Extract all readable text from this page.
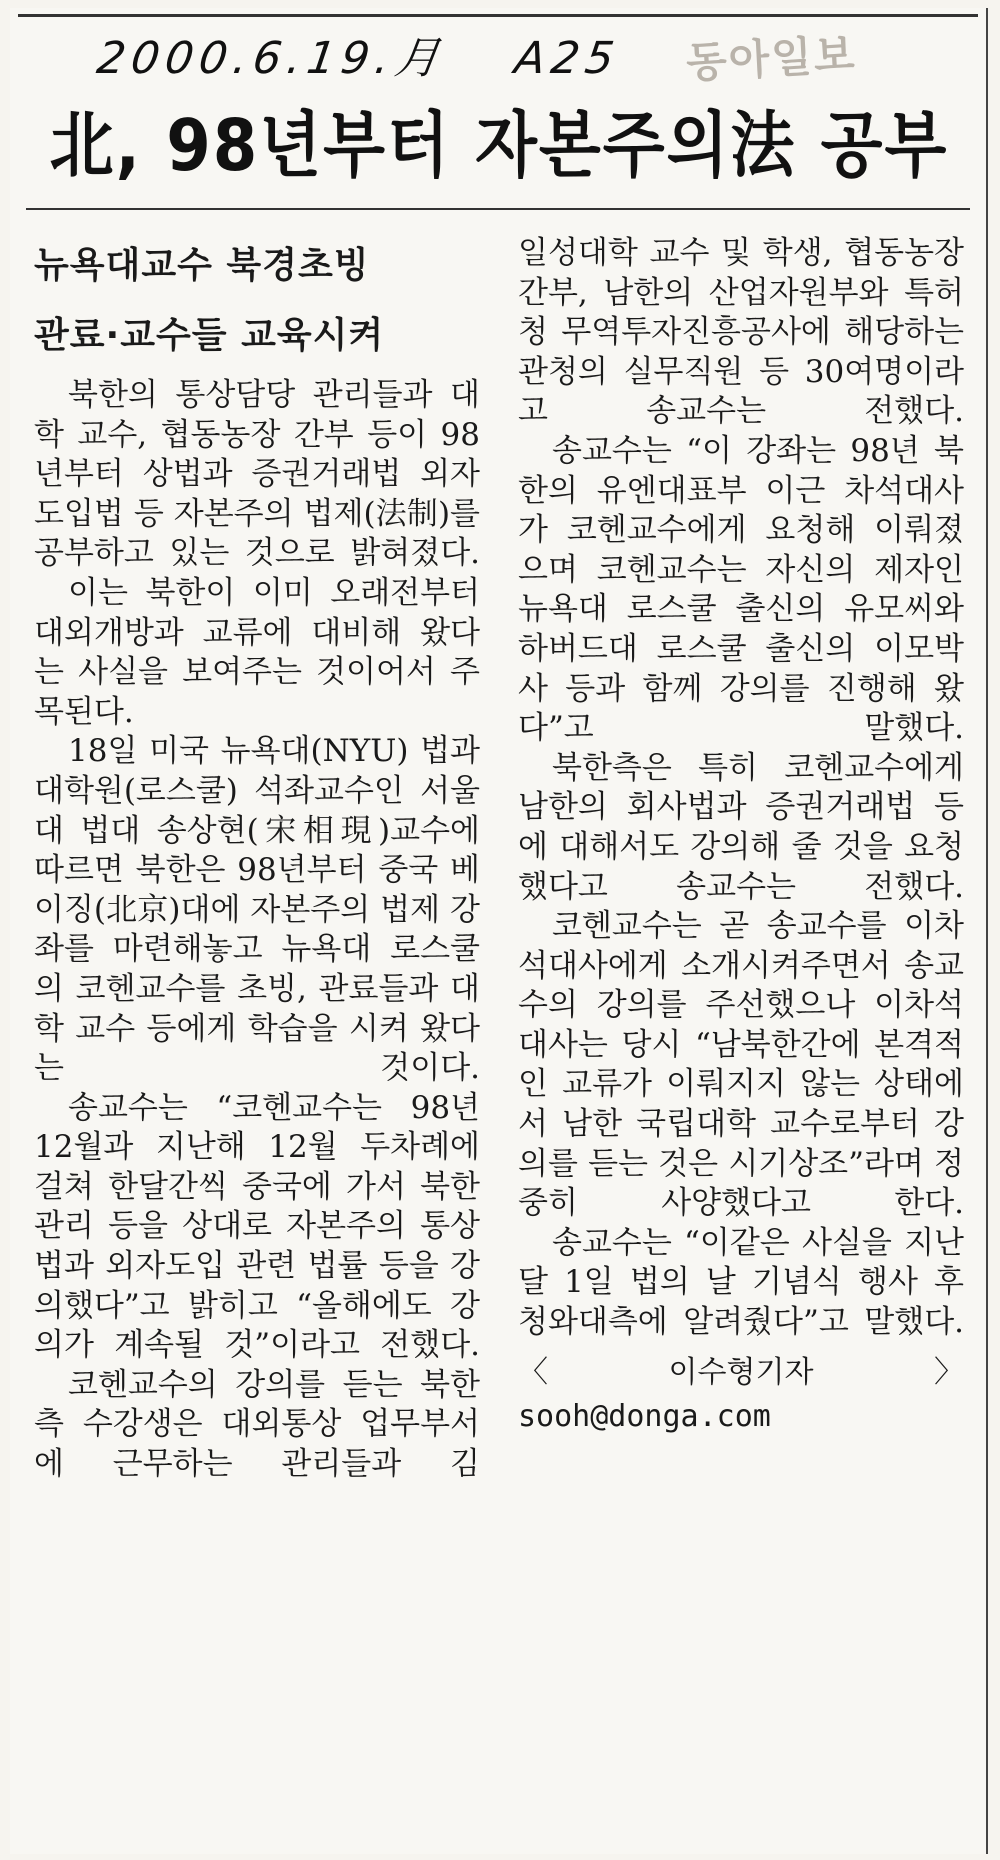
2000.6.19.月 A25 동아일보
北, 98년부터 자본주의法 공부
뉴욕대교수 북경초빙
관료·교수들 교육시켜

북한의 통상담당 관리들과 대학 교수, 협동농장 간부 등이 98년부터 상법과 증권거래법 외자도입법 등 자본주의 법제(法制)를 공부하고 있는 것으로 밝혀졌다.

이는 북한이 이미 오래전부터 대외개방과 교류에 대비해 왔다는 사실을 보여주는 것이어서 주목된다.

18일 미국 뉴욕대(NYU) 법과대학원(로스쿨) 석좌교수인 서울대 법대 송상현(宋相現)교수에 따르면 북한은 98년부터 중국 베이징(北京)대에 자본주의 법제 강좌를 마련해놓고 뉴욕대 로스쿨의 코헨교수를 초빙, 관료들과 대학 교수 등에게 학습을 시켜 왔다는 것이다.

송교수는 “코헨교수는 98년 12월과 지난해 12월 두차례에 걸쳐 한달간씩 중국에 가서 북한 관리 등을 상대로 자본주의 통상법과 외자도입 관련 법률 등을 강의했다”고 밝히고 “올해에도 강의가 계속될 것”이라고 전했다.

코헨교수의 강의를 듣는 북한측 수강생은 대외통상 업무부서에 근무하는 관리들과 김

일성대학 교수 및 학생, 협동농장 간부, 남한의 산업자원부와 특허청 무역투자진흥공사에 해당하는 관청의 실무직원 등 30여명이라고 송교수는 전했다.

송교수는 “이 강좌는 98년 북한의 유엔대표부 이근 차석대사가 코헨교수에게 요청해 이뤄졌으며 코헨교수는 자신의 제자인 뉴욕대 로스쿨 출신의 유모씨와 하버드대 로스쿨 출신의 이모박사 등과 함께 강의를 진행해 왔다”고 말했다.

북한측은 특히 코헨교수에게 남한의 회사법과 증권거래법 등에 대해서도 강의해 줄 것을 요청했다고 송교수는 전했다.

코헨교수는 곧 송교수를 이차석대사에게 소개시켜주면서 송교수의 강의를 주선했으나 이차석대사는 당시 “남북한간에 본격적인 교류가 이뤄지지 않는 상태에서 남한 국립대학 교수로부터 강의를 듣는 것은 시기상조”라며 정중히 사양했다고 한다.

송교수는 “이같은 사실을 지난달 1일 법의 날 기념식 행사 후 청와대측에 알려줬다”고 말했다.

〈이수형기자〉
sooh@donga.com
